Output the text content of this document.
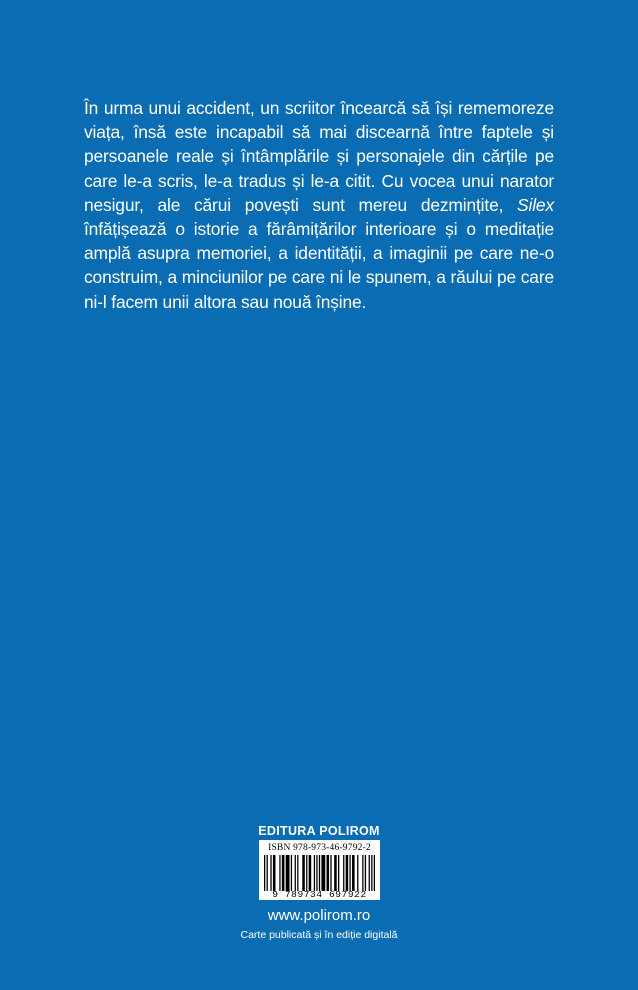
În urma unui accident, un scriitor încearcă să își rememoreze viața, însă este incapabil să mai discearnă între faptele și persoanele reale și întâmplările și personajele din cărțile pe care le-a scris, le-a tradus și le-a citit. Cu vocea unui narator nesigur, ale cărui povești sunt mereu dezmințite, Silex înfățișează o istorie a fărâmițărilor interioare și o meditație amplă asupra memoriei, a identității, a imaginii pe care ne-o construim, a minciunilor pe care ni le spunem, a răului pe care ni-l facem unii altora sau nouă înșine.

EDITURA POLIROM
ISBN 978-973-46-9792-2
9 789734 697922
www.polirom.ro
Carte publicată și în ediție digitală
